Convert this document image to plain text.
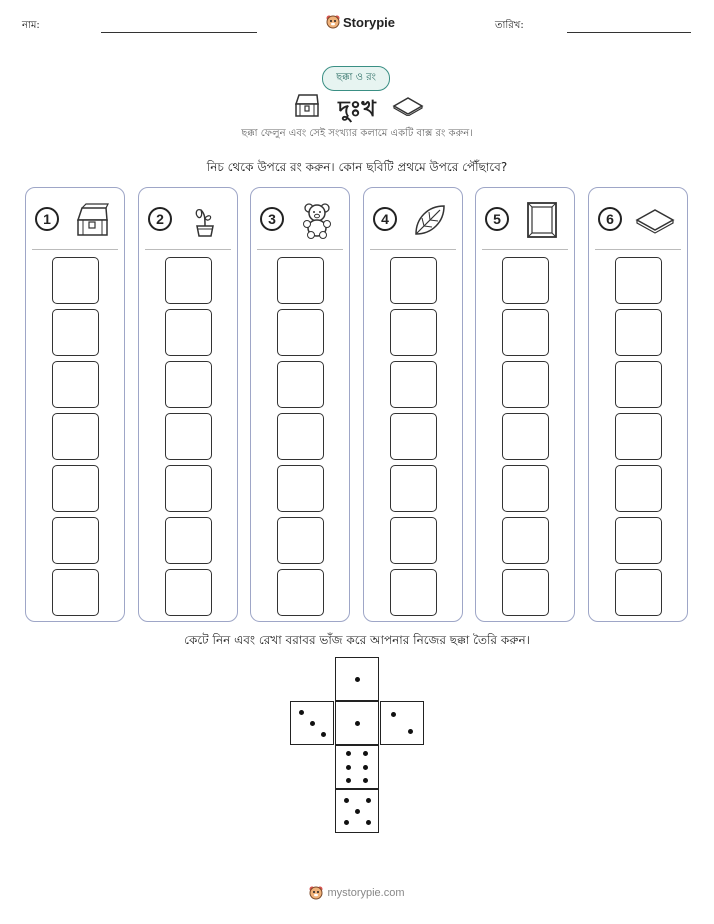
নাম:	Storypie	তারিখ:
ছক্কা ও রং
দুঃখ
ছক্কা ফেলুন এবং সেই সংখ্যার কলামে একটি বাক্স রং করুন।
নিচ থেকে উপরে রং করুন। কোন ছবিটি প্রথমে উপরে পৌঁছাবে?
1	2	3	4	5	6
কেটে নিন এবং রেখা বরাবর ভাঁজ করে আপনার নিজের ছক্কা তৈরি করুন।
mystorypie.com
